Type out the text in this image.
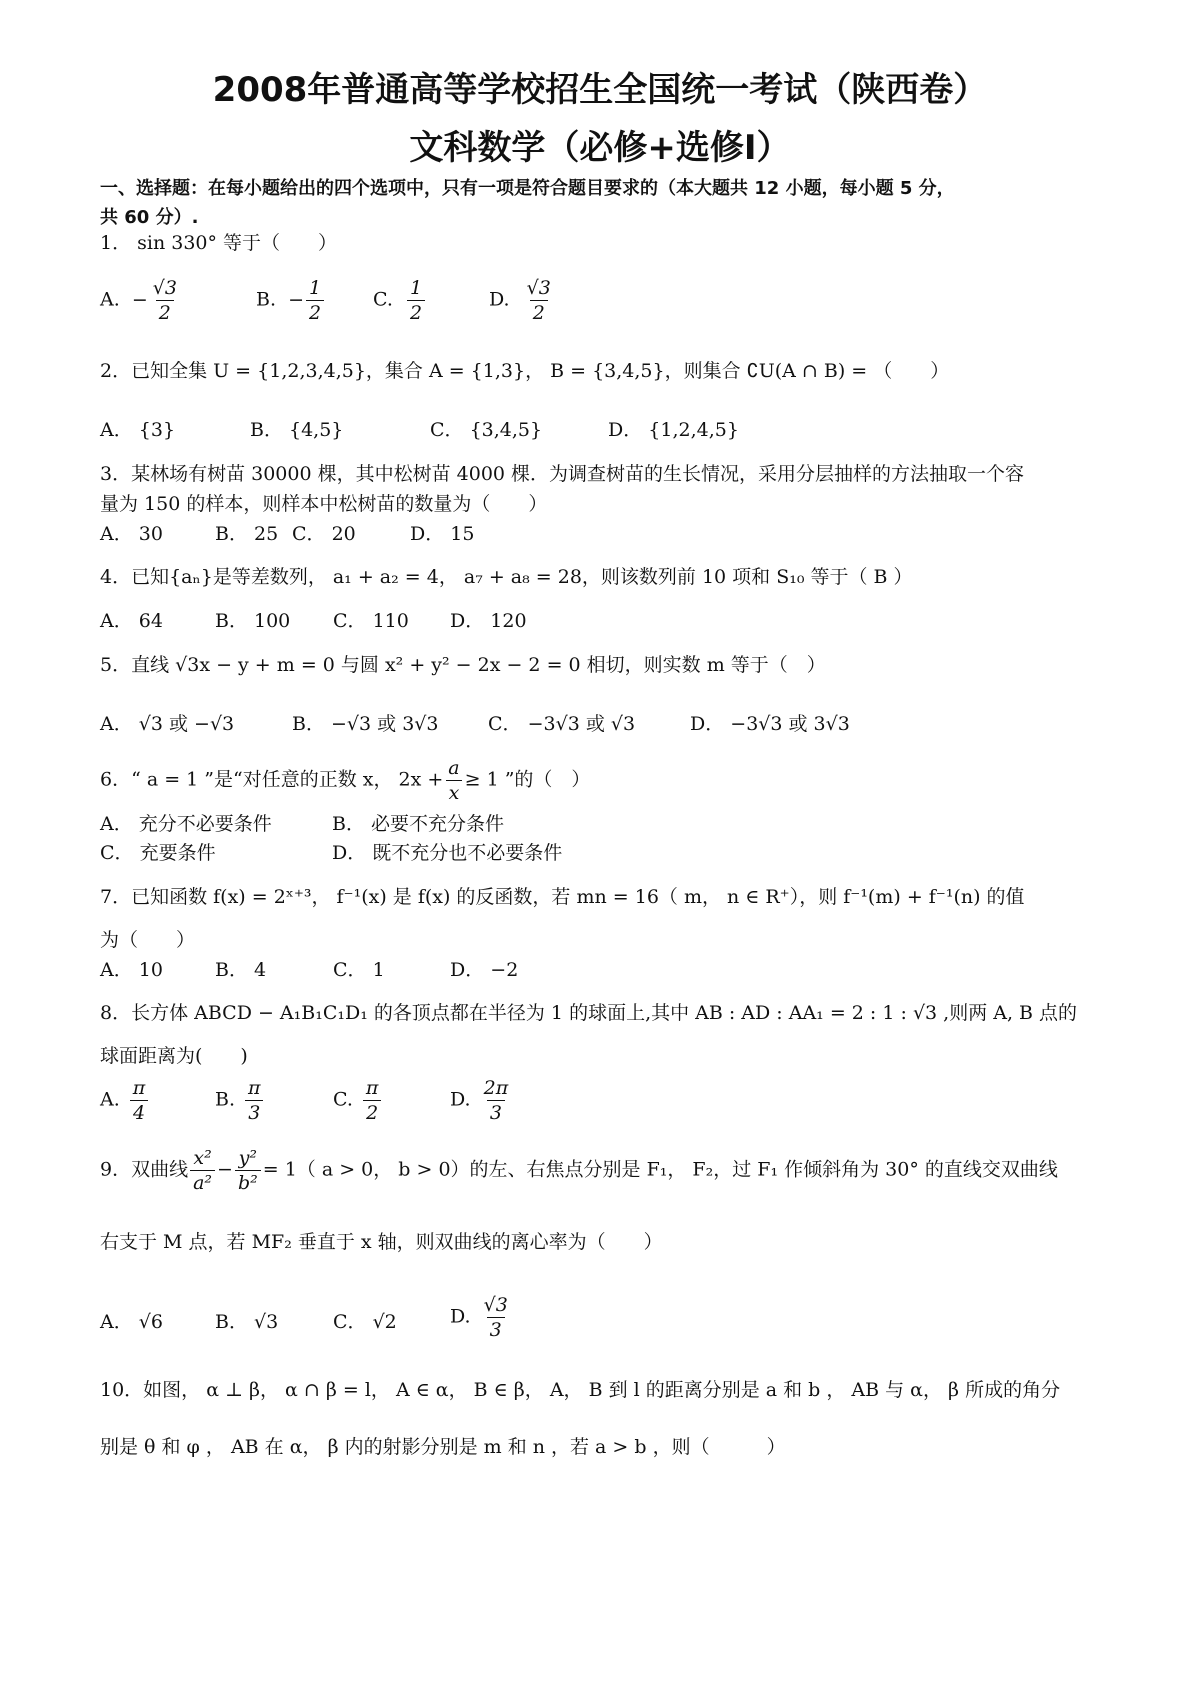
2008年普通高等学校招生全国统一考试（陕西卷）
文科数学（必修+选修Ⅰ）
一、选择题：在每小题给出的四个选项中，只有一项是符合题目要求的（本大题共 12 小题，每小题 5 分，
共 60 分）.
1． sin 330° 等于（　　）
A. − $\frac{√3}{2}$	B. − $\frac{1}{2}$	C. $\frac{1}{2}$	D. $\frac{√3}{2}$
2．已知全集 U = {1,2,3,4,5}，集合 A = {1,3}， B = {3,4,5}，则集合 ∁U(A ∩ B) = （　　）
A． {3}	B． {4,5}	C． {3,4,5}	D． {1,2,4,5}
3．某林场有树苗 30000 棵，其中松树苗 4000 棵．为调查树苗的生长情况，采用分层抽样的方法抽取一个容
量为 150 的样本，则样本中松树苗的数量为（　　）
A． 30	B． 25 C． 20	D． 15
4．已知{aₙ}是等差数列， a₁ + a₂ = 4， a₇ + a₈ = 28，则该数列前 10 项和 S₁₀ 等于（ B ）
A． 64	B． 100 C． 110 D． 120
5．直线 √3x − y + m = 0 与圆 x² + y² − 2x − 2 = 0 相切，则实数 m 等于（　）
A． √3 或 −√3	B． −√3 或 3√3	C． −3√3 或 √3	D． −3√3 或 3√3
6．“ a = 1 ”是“对任意的正数 x， $2x + \frac{a}{x} \ge 1$ ”的（　）
A． 充分不必要条件	B． 必要不充分条件
C． 充要条件	D． 既不充分也不必要条件
7．已知函数 f(x) = 2ˣ⁺³， f⁻¹(x) 是 f(x) 的反函数，若 mn = 16（ m， n ∈ R⁺），则 f⁻¹(m) + f⁻¹(n) 的值
为（　　）
A． 10	B． 4	C． 1	D． −2
8．长方体 ABCD − A₁B₁C₁D₁ 的各顶点都在半径为 1 的球面上,其中 AB : AD : AA₁ = 2 : 1 : √3 ,则两 A, B 点的
球面距离为(　　)
A. $\frac{\pi}{4}$	B. $\frac{\pi}{3}$	C. $\frac{\pi}{2}$	D. $\frac{2\pi}{3}$
9．双曲线 $\frac{\text{x²}}{\text{a²}} - \frac{\text{y²}}{\text{b²}} = 1$（ a > 0， b > 0）的左、右焦点分别是 F₁， F₂，过 F₁ 作倾斜角为 30° 的直线交双曲线
右支于 M 点，若 MF₂ 垂直于 x 轴，则双曲线的离心率为（　　）
A． √6	B． √3	C． √2	D. $\frac{√3}{3}$
10．如图， α ⊥ β， α ∩ β = l， A ∈ α， B ∈ β， A， B 到 l 的距离分别是 a 和 b ， AB 与 α， β 所成的角分
别是 θ 和 φ ， AB 在 α， β 内的射影分别是 m 和 n ，若 a > b ，则（　　　）
